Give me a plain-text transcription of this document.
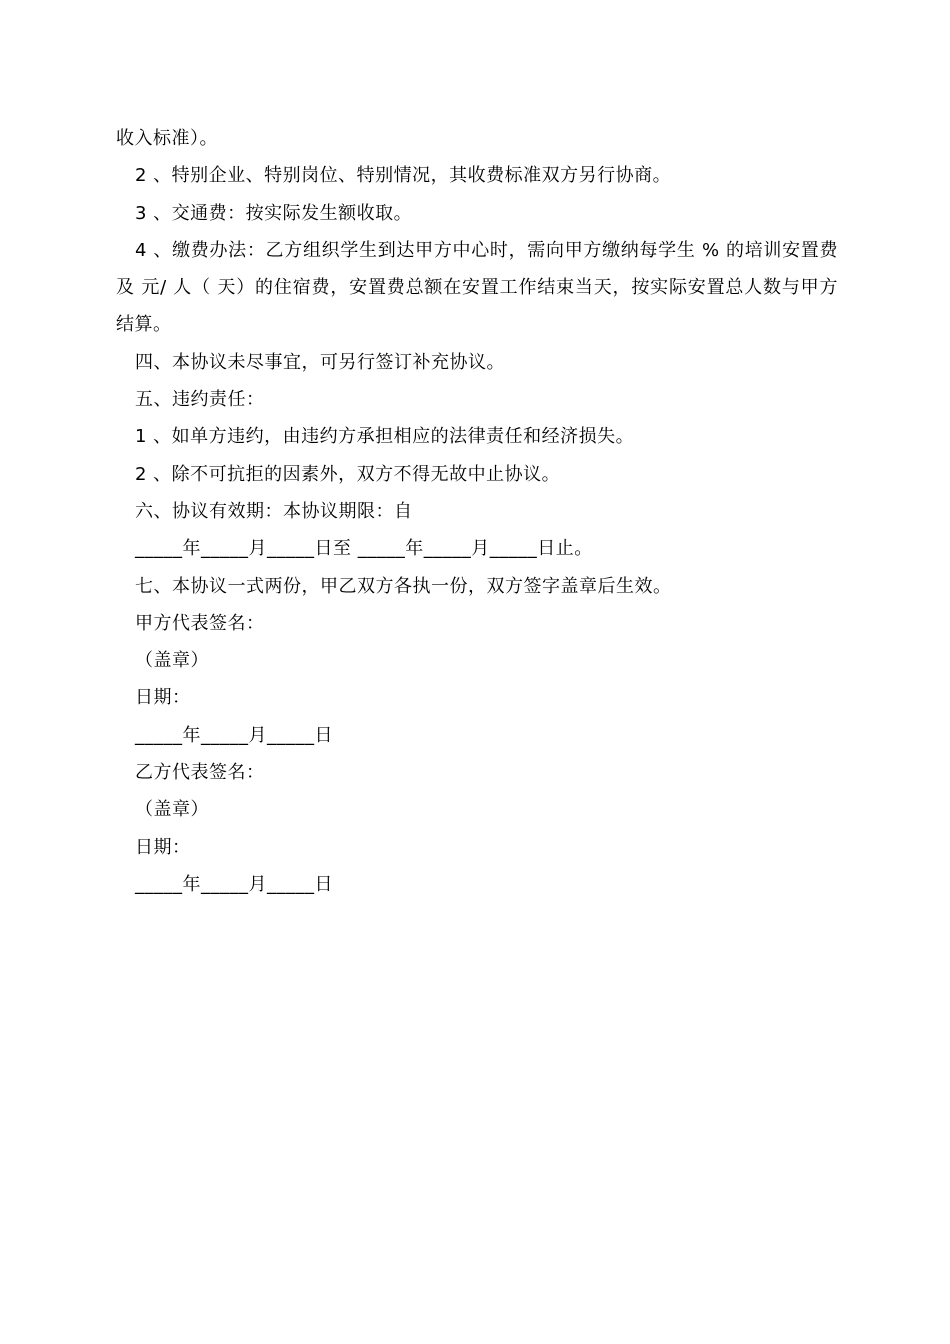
收入标准）。
2 、特别企业、特别岗位、特别情况，其收费标准双方另行协商。
3 、交通费：按实际发生额收取。
4 、缴费办法：乙方组织学生到达甲方中心时，需向甲方缴纳每学生 % 的培训安置费及 元/ 人（ 天）的住宿费，安置费总额在安置工作结束当天，按实际安置总人数与甲方结算。
四、本协议未尽事宜，可另行签订补充协议。
五、违约责任：
1 、如单方违约，由违约方承担相应的法律责任和经济损失。
2 、除不可抗拒的因素外，双方不得无故中止协议。
六、协议有效期：本协议期限：自
_____年_____月_____日至 _____年_____月_____日止。
七、本协议一式两份，甲乙双方各执一份，双方签字盖章后生效。
甲方代表签名：
（盖章）
日期：
_____年_____月_____日
乙方代表签名：
（盖章）
日期：
_____年_____月_____日
